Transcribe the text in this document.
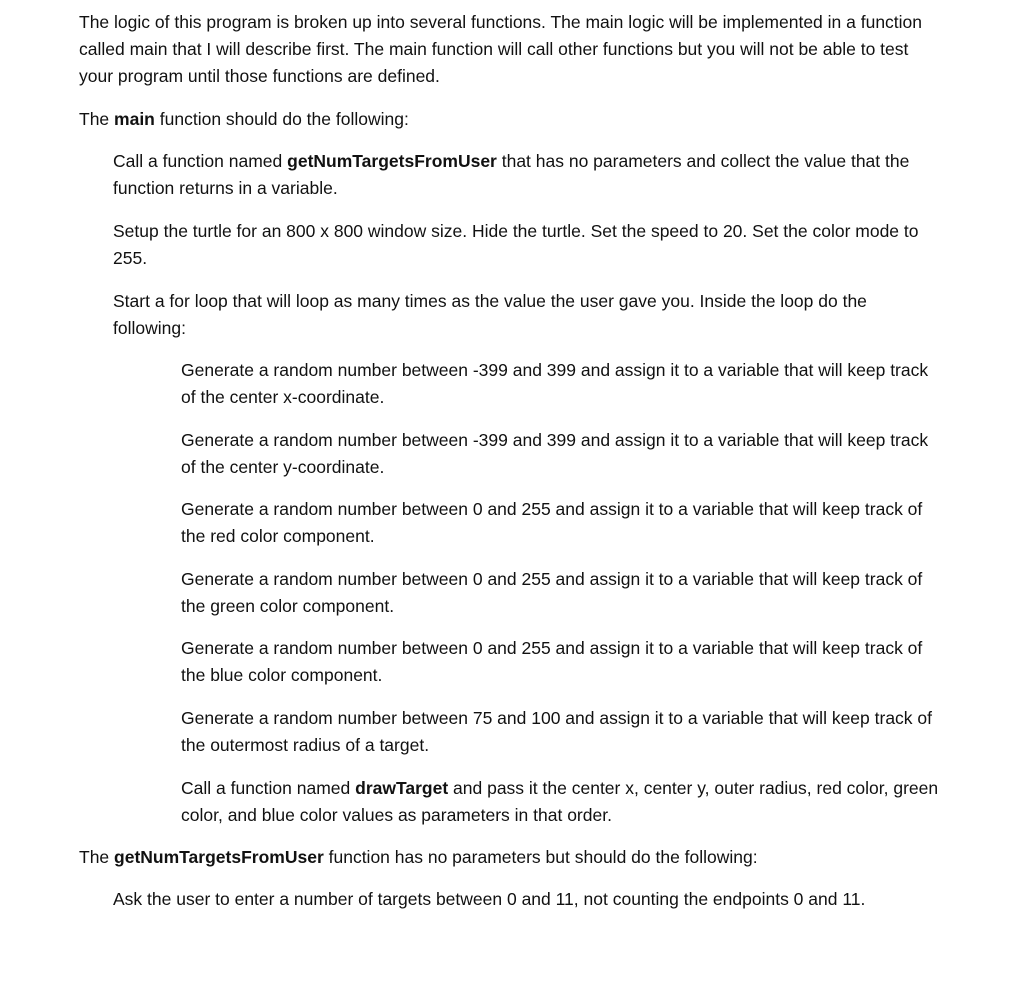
The logic of this program is broken up into several functions. The main logic will be implemented in a function called main that I will describe first. The main function will call other functions but you will not be able to test your program until those functions are defined.

The main function should do the following:

Call a function named getNumTargetsFromUser that has no parameters and collect the value that the function returns in a variable.

Setup the turtle for an 800 x 800 window size. Hide the turtle. Set the speed to 20. Set the color mode to 255.

Start a for loop that will loop as many times as the value the user gave you. Inside the loop do the following:

Generate a random number between -399 and 399 and assign it to a variable that will keep track of the center x-coordinate.

Generate a random number between -399 and 399 and assign it to a variable that will keep track of the center y-coordinate.

Generate a random number between 0 and 255 and assign it to a variable that will keep track of the red color component.

Generate a random number between 0 and 255 and assign it to a variable that will keep track of the green color component.

Generate a random number between 0 and 255 and assign it to a variable that will keep track of the blue color component.

Generate a random number between 75 and 100 and assign it to a variable that will keep track of the outermost radius of a target.

Call a function named drawTarget and pass it the center x, center y, outer radius, red color, green color, and blue color values as parameters in that order.

The getNumTargetsFromUser function has no parameters but should do the following:

Ask the user to enter a number of targets between 0 and 11, not counting the endpoints 0 and 11.
